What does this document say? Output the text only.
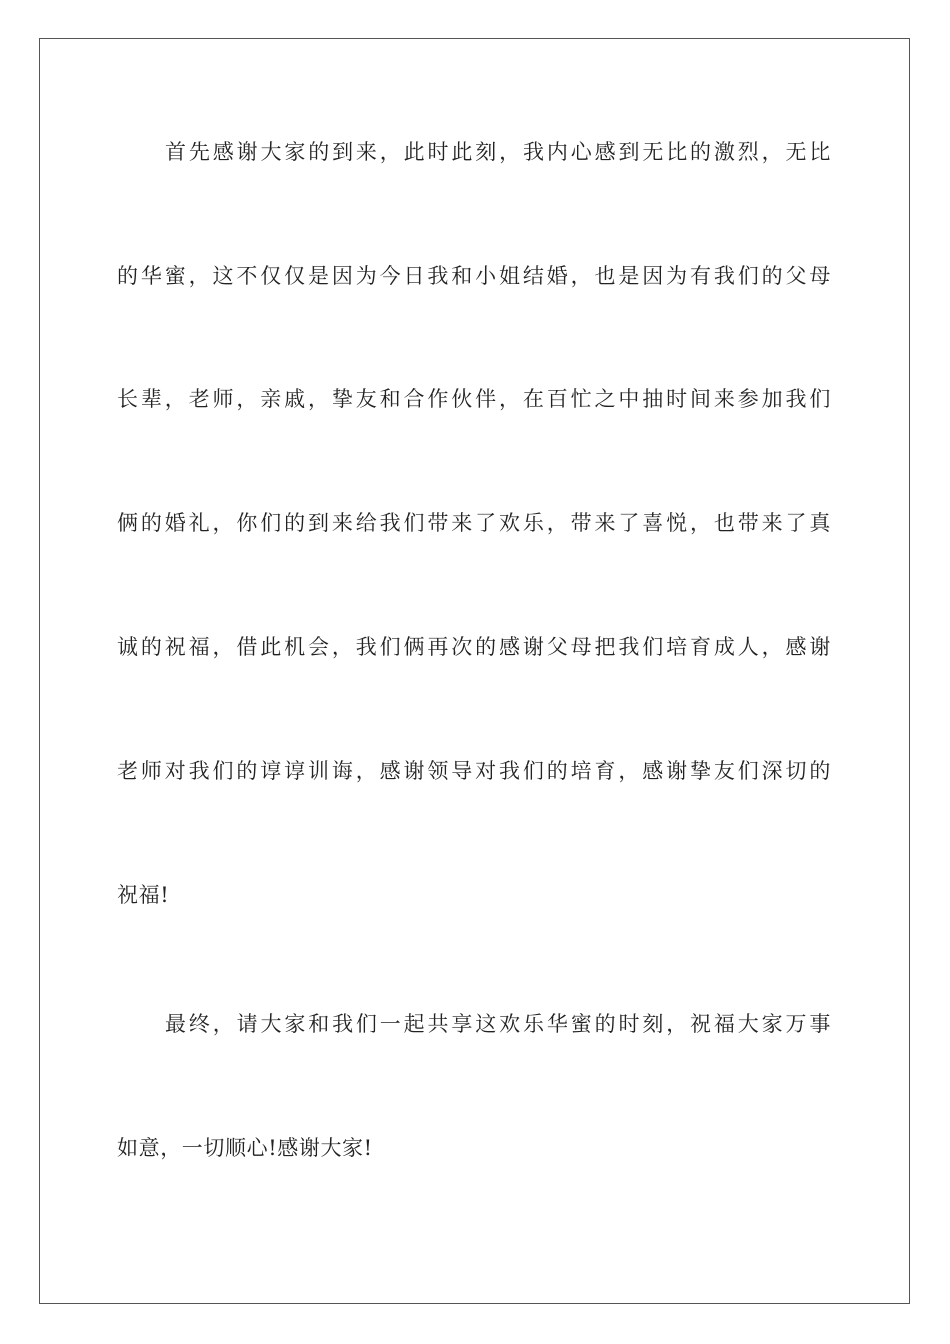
首先感谢大家的到来，此时此刻，我内心感到无比的激烈，无比
的华蜜，这不仅仅是因为今日我和小姐结婚，也是因为有我们的父母
长辈，老师，亲戚，挚友和合作伙伴，在百忙之中抽时间来参加我们
俩的婚礼，你们的到来给我们带来了欢乐，带来了喜悦，也带来了真
诚的祝福，借此机会，我们俩再次的感谢父母把我们培育成人，感谢
老师对我们的谆谆训诲，感谢领导对我们的培育，感谢挚友们深切的
祝福!
最终，请大家和我们一起共享这欢乐华蜜的时刻，祝福大家万事
如意，一切顺心!感谢大家!
